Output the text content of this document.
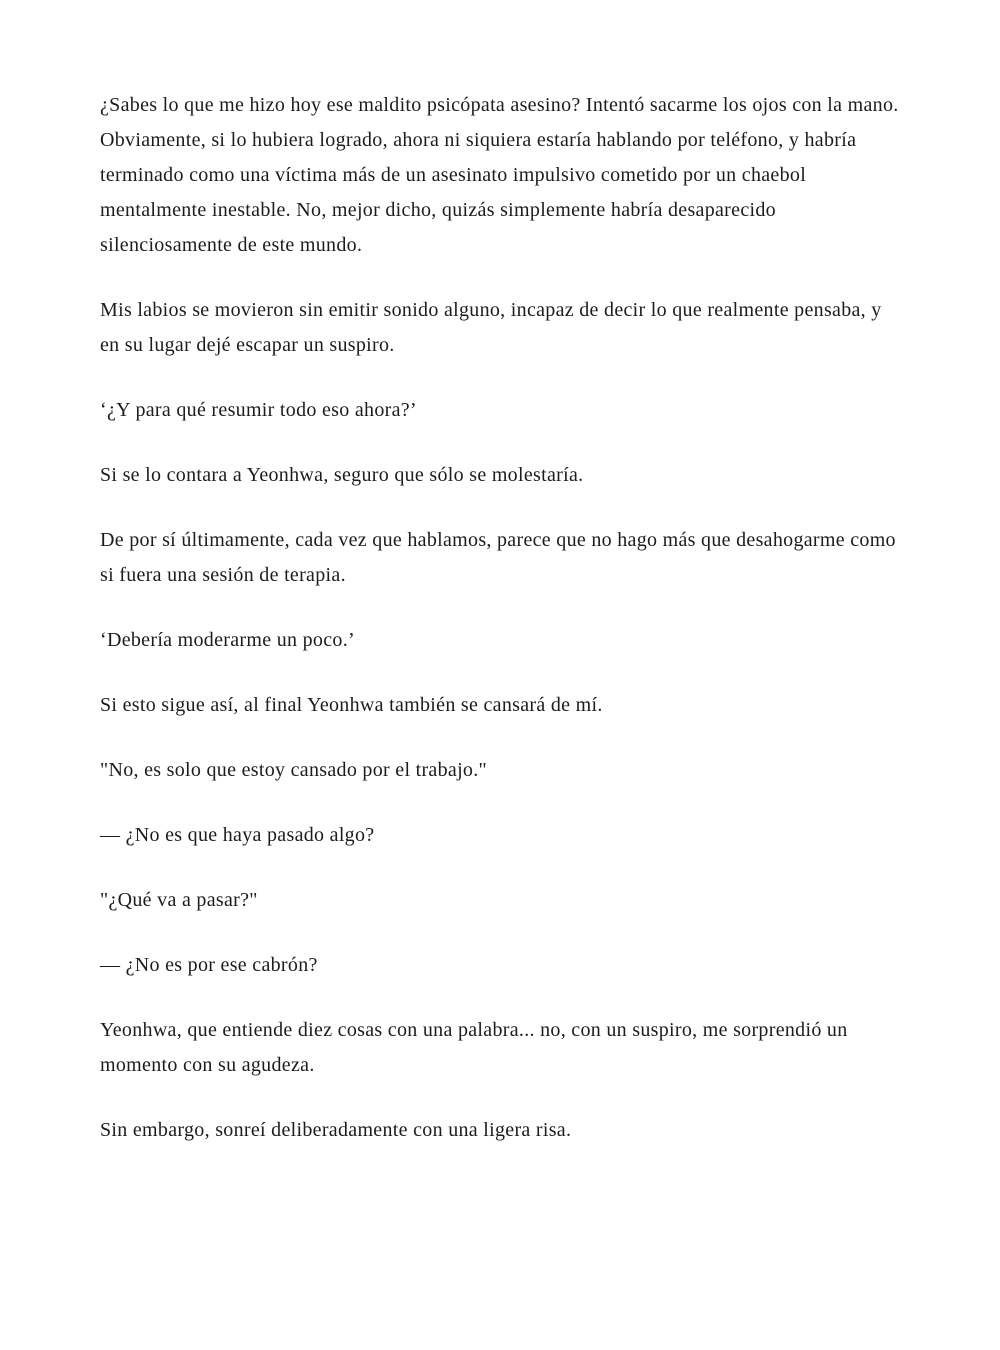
¿Sabes lo que me hizo hoy ese maldito psicópata asesino? Intentó sacarme los ojos con la mano. Obviamente, si lo hubiera logrado, ahora ni siquiera estaría hablando por teléfono, y habría terminado como una víctima más de un asesinato impulsivo cometido por un chaebol mentalmente inestable. No, mejor dicho, quizás simplemente habría desaparecido silenciosamente de este mundo.

Mis labios se movieron sin emitir sonido alguno, incapaz de decir lo que realmente pensaba, y en su lugar dejé escapar un suspiro.

‘¿Y para qué resumir todo eso ahora?’

Si se lo contara a Yeonhwa, seguro que sólo se molestaría.

De por sí últimamente, cada vez que hablamos, parece que no hago más que desahogarme como si fuera una sesión de terapia.

‘Debería moderarme un poco.’

Si esto sigue así, al final Yeonhwa también se cansará de mí.

"No, es solo que estoy cansado por el trabajo."

— ¿No es que haya pasado algo?

"¿Qué va a pasar?"

— ¿No es por ese cabrón?

Yeonhwa, que entiende diez cosas con una palabra... no, con un suspiro, me sorprendió un momento con su agudeza.

Sin embargo, sonreí deliberadamente con una ligera risa.
